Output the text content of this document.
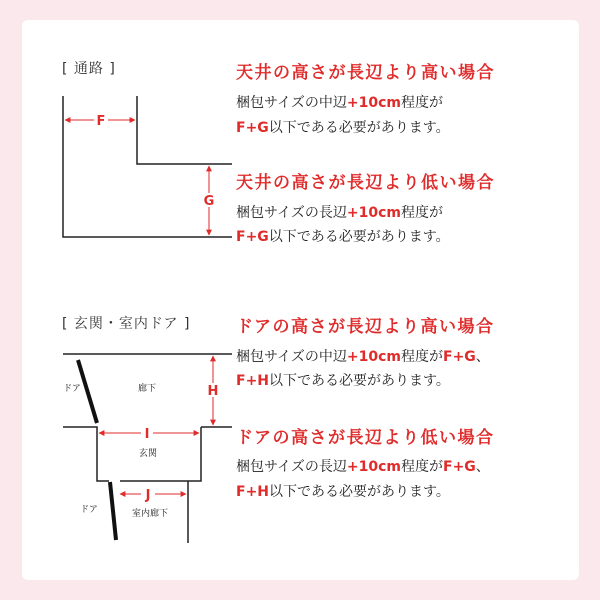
[ 通路 ]
[ 玄関・室内ドア ]
F
G
H
I
J
ドア	廊下
玄関
ドア	室内廊下
天井の高さが長辺より高い場合
梱包サイズの中辺+10cm程度が
F+G以下である必要があります。
天井の高さが長辺より低い場合
梱包サイズの長辺+10cm程度が
F+G以下である必要があります。
ドアの高さが長辺より高い場合
梱包サイズの中辺+10cm程度がF+G、
F+H以下である必要があります。
ドアの高さが長辺より低い場合
梱包サイズの長辺+10cm程度がF+G、
F+H以下である必要があります。
